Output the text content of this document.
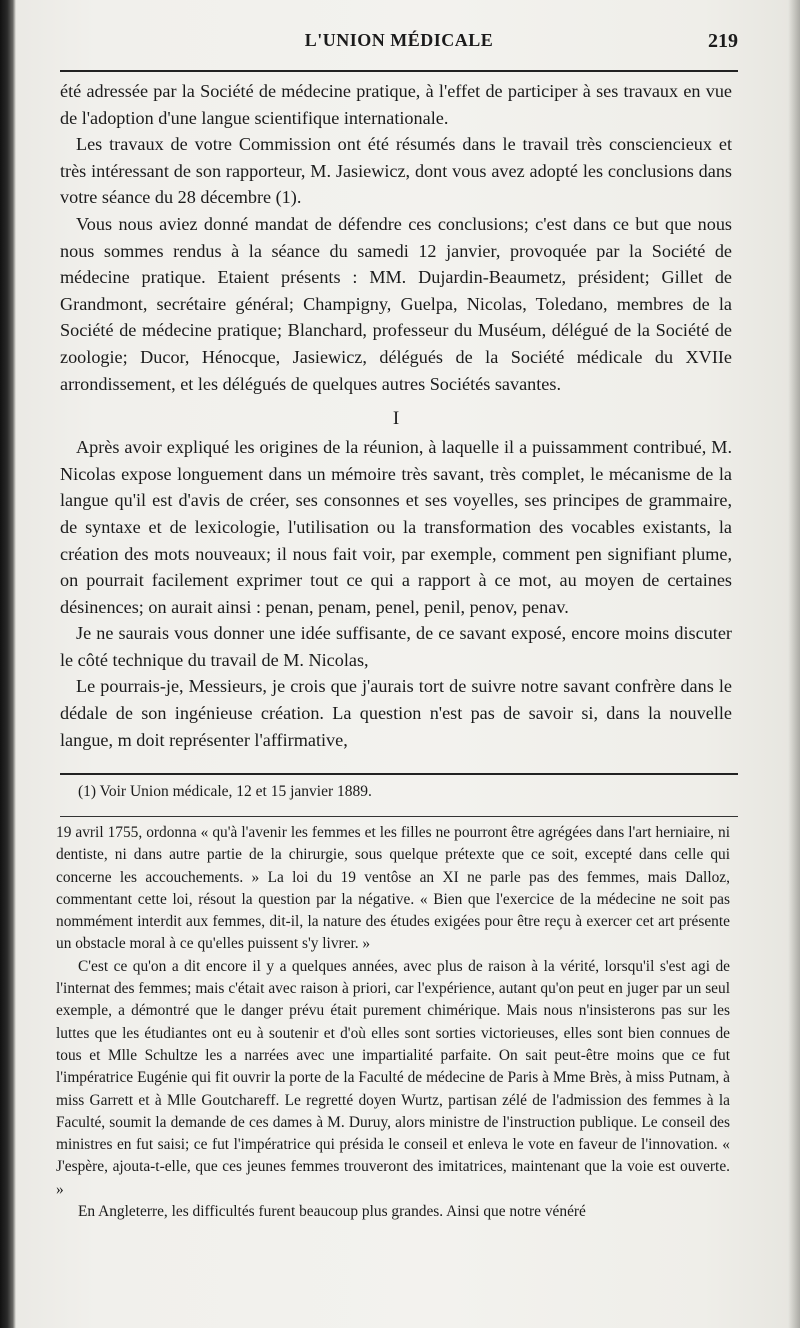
L'UNION MÉDICALE	219

été adressée par la Société de médecine pratique, à l'effet de participer à ses travaux en vue de l'adoption d'une langue scientifique internationale.

Les travaux de votre Commission ont été résumés dans le travail très consciencieux et très intéressant de son rapporteur, M. Jasiewicz, dont vous avez adopté les conclusions dans votre séance du 28 décembre (1).

Vous nous aviez donné mandat de défendre ces conclusions; c'est dans ce but que nous nous sommes rendus à la séance du samedi 12 janvier, provoquée par la Société de médecine pratique. Etaient présents : MM. Dujardin-Beaumetz, président; Gillet de Grandmont, secrétaire général; Champigny, Guelpa, Nicolas, Toledano, membres de la Société de médecine pratique; Blanchard, professeur du Muséum, délégué de la Société de zoologie; Ducor, Hénocque, Jasiewicz, délégués de la Société médicale du XVIIe arrondissement, et les délégués de quelques autres Sociétés savantes.

I

Après avoir expliqué les origines de la réunion, à laquelle il a puissamment contribué, M. Nicolas expose longuement dans un mémoire très savant, très complet, le mécanisme de la langue qu'il est d'avis de créer, ses consonnes et ses voyelles, ses principes de grammaire, de syntaxe et de lexicologie, l'utilisation ou la transformation des vocables existants, la création des mots nouveaux; il nous fait voir, par exemple, comment pen signifiant plume, on pourrait facilement exprimer tout ce qui a rapport à ce mot, au moyen de certaines désinences; on aurait ainsi : penan, penam, penel, penil, penov, penav.

Je ne saurais vous donner une idée suffisante, de ce savant exposé, encore moins discuter le côté technique du travail de M. Nicolas,

Le pourrais-je, Messieurs, je crois que j'aurais tort de suivre notre savant confrère dans le dédale de son ingénieuse création. La question n'est pas de savoir si, dans la nouvelle langue, m doit représenter l'affirmative,

(1) Voir Union médicale, 12 et 15 janvier 1889.

19 avril 1755, ordonna « qu'à l'avenir les femmes et les filles ne pourront être agrégées dans l'art herniaire, ni dentiste, ni dans autre partie de la chirurgie, sous quelque prétexte que ce soit, excepté dans celle qui concerne les accouchements. » La loi du 19 ventôse an XI ne parle pas des femmes, mais Dalloz, commentant cette loi, résout la question par la négative. « Bien que l'exercice de la médecine ne soit pas nommément interdit aux femmes, dit-il, la nature des études exigées pour être reçu à exercer cet art présente un obstacle moral à ce qu'elles puissent s'y livrer. »

C'est ce qu'on a dit encore il y a quelques années, avec plus de raison à la vérité, lorsqu'il s'est agi de l'internat des femmes; mais c'était avec raison à priori, car l'expérience, autant qu'on peut en juger par un seul exemple, a démontré que le danger prévu était purement chimérique. Mais nous n'insisterons pas sur les luttes que les étudiantes ont eu à soutenir et d'où elles sont sorties victorieuses, elles sont bien connues de tous et Mlle Schultze les a narrées avec une impartialité parfaite. On sait peut-être moins que ce fut l'impératrice Eugénie qui fit ouvrir la porte de la Faculté de médecine de Paris à Mme Brès, à miss Putnam, à miss Garrett et à Mlle Goutchareff. Le regretté doyen Wurtz, partisan zélé de l'admission des femmes à la Faculté, soumit la demande de ces dames à M. Duruy, alors ministre de l'instruction publique. Le conseil des ministres en fut saisi; ce fut l'impératrice qui présida le conseil et enleva le vote en faveur de l'innovation. « J'espère, ajouta-t-elle, que ces jeunes femmes trouveront des imitatrices, maintenant que la voie est ouverte. »

En Angleterre, les difficultés furent beaucoup plus grandes. Ainsi que notre vénéré
